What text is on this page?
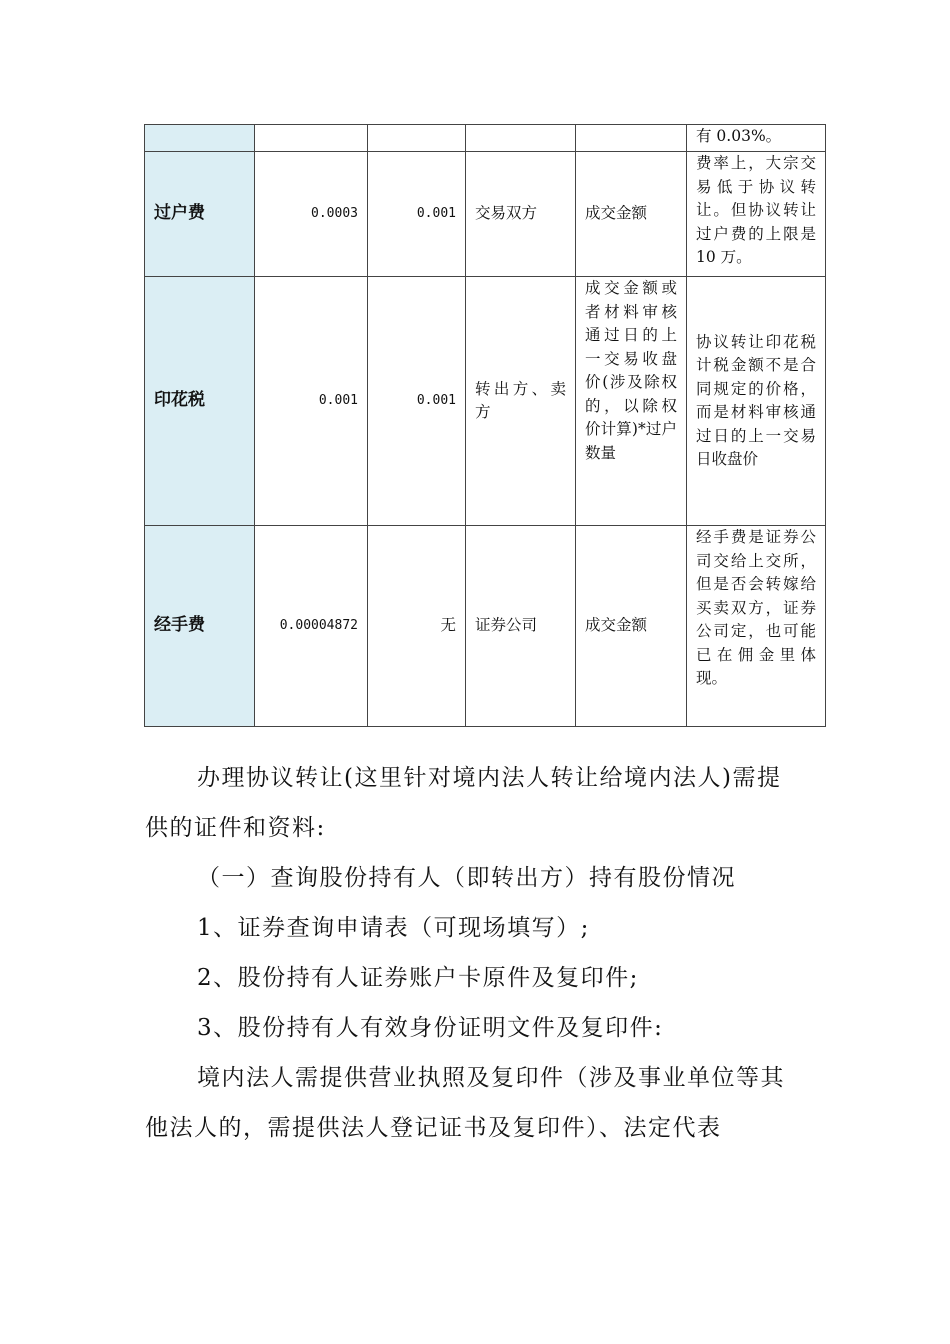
					有 0.03%。
过户费	0.0003	0.001	交易双方	成交金额	费率上，大宗交易低于协议转让。但协议转让过户费的上限是 10 万。
印花税	0.001	0.001	转出方、卖方	成交金额或者材料审核通过日的上一交易收盘价(涉及除权的，以除权价计算)*过户数量	协议转让印花税计税金额不是合同规定的价格，而是材料审核通过日的上一交易日收盘价
经手费	0.00004872	无	证券公司	成交金额	经手费是证券公司交给上交所，但是否会转嫁给买卖双方，证券公司定，也可能已在佣金里体现。

办理协议转让(这里针对境内法人转让给境内法人)需提供的证件和资料:

（一）查询股份持有人（即转出方）持有股份情况

1、证券查询申请表（可现场填写）;

2、股份持有人证券账户卡原件及复印件;

3、股份持有人有效身份证明文件及复印件:

境内法人需提供营业执照及复印件（涉及事业单位等其他法人的，需提供法人登记证书及复印件）、法定代表
